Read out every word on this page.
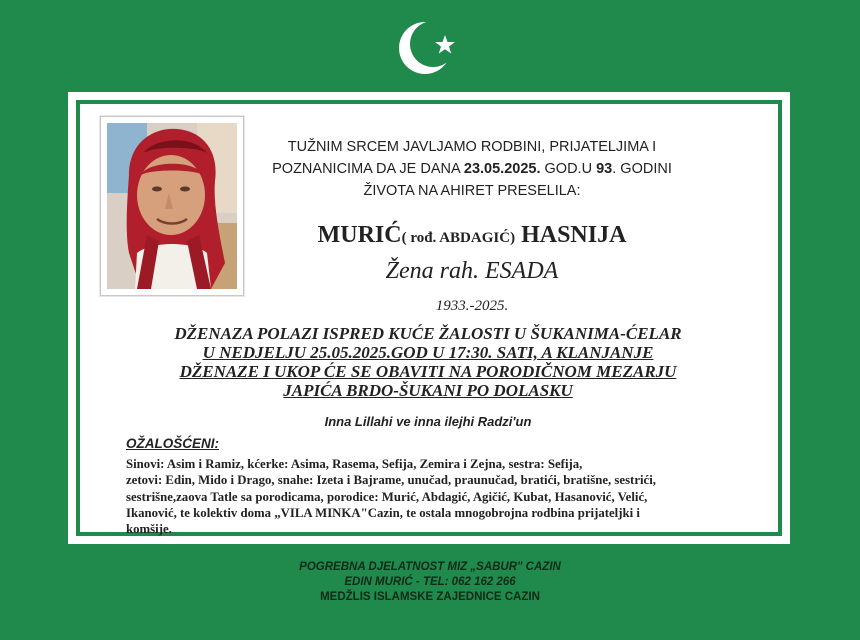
TUŽNIM SRCEM JAVLJAMO RODBINI, PRIJATELJIMA I
POZNANICIMA DA JE DANA 23.05.2025. GOD.U 93. GODINI
ŽIVOTA NA AHIRET PRESELILA:
MURIĆ( rođ. ABDAGIĆ) HASNIJA
Žena rah. ESADA
1933.-2025.
DŽENAZA POLAZI ISPRED KUĆE ŽALOSTI U ŠUKANIMA-ĆELAR
U NEDJELJU 25.05.2025.GOD U 17:30. SATI, A KLANJANJE
DŽENAZE I UKOP ĆE SE OBAVITI NA PORODIČNOM MEZARJU
JAPIĆA BRDO-ŠUKANI PO DOLASKU
Inna Lillahi ve inna ilejhi Radzi'un
OŽALOŠĆENI:
Sinovi: Asim i Ramiz, kćerke: Asima, Rasema, Sefija, Zemira i Zejna, sestra: Sefija,
zetovi: Edin, Mido i Drago, snahe: Izeta i Bajrame, unučad, praunučad, bratići, bratišne, sestrići,
sestrišne,zaova Tatle sa porodicama, porodice: Murić, Abdagić, Agičić, Kubat, Hasanović, Velić,
Ikanović, te kolektiv doma „VILA MINKA"Cazin, te ostala mnogobrojna rodbina prijateljki i
komšije.
POGREBNA DJELATNOST MIZ „SABUR" CAZIN
EDIN MURIĆ - TEL: 062 162 266
MEDŽLIS ISLAMSKE ZAJEDNICE CAZIN
